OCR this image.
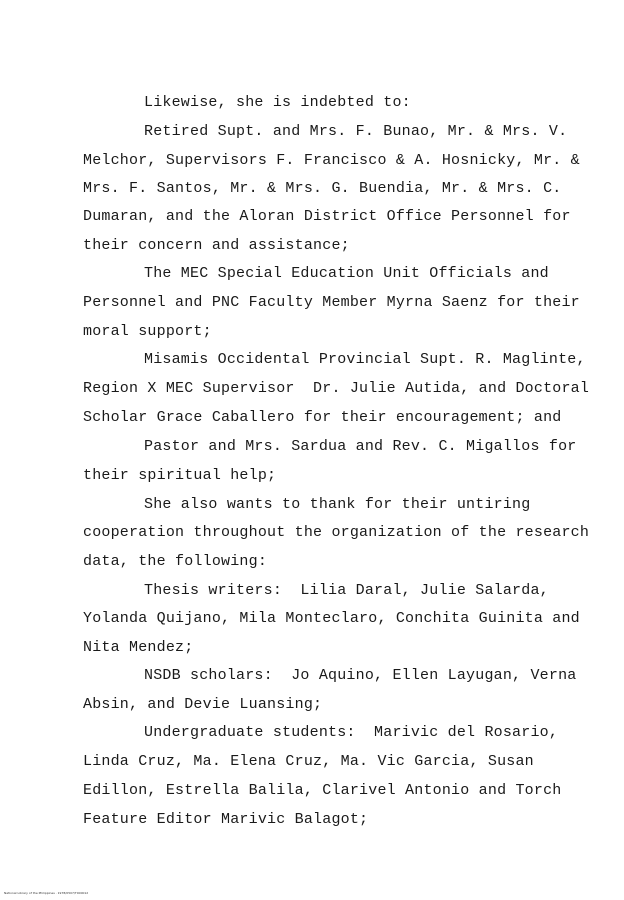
Likewise, she is indebted to:
Retired Supt. and Mrs. F. Bunao, Mr. & Mrs. V.
Melchor, Supervisors F. Francisco & A. Hosnicky, Mr. &
Mrs. F. Santos, Mr. & Mrs. G. Buendia, Mr. & Mrs. C.
Dumaran, and the Aloran District Office Personnel for
their concern and assistance;
The MEC Special Education Unit Officials and
Personnel and PNC Faculty Member Myrna Saenz for their
moral support;
Misamis Occidental Provincial Supt. R. Maglinte,
Region X MEC Supervisor  Dr. Julie Autida, and Doctoral
Scholar Grace Caballero for their encouragement; and
Pastor and Mrs. Sardua and Rev. C. Migallos for
their spiritual help;
She also wants to thank for their untiring
cooperation throughout the organization of the research
data, the following:
Thesis writers:  Lilia Daral, Julie Salarda,
Yolanda Quijano, Mila Monteclaro, Conchita Guinita and
Nita Mendez;
NSDB scholars:  Jo Aquino, Ellen Layugan, Verna
Absin, and Devie Luansing;
Undergraduate students:  Marivic del Rosario,
Linda Cruz, Ma. Elena Cruz, Ma. Vic Garcia, Susan
Edillon, Estrella Balila, Clarivel Antonio and Torch
Feature Editor Marivic Balagot;
National Library of the Philippines · 1978/0507/T000012
